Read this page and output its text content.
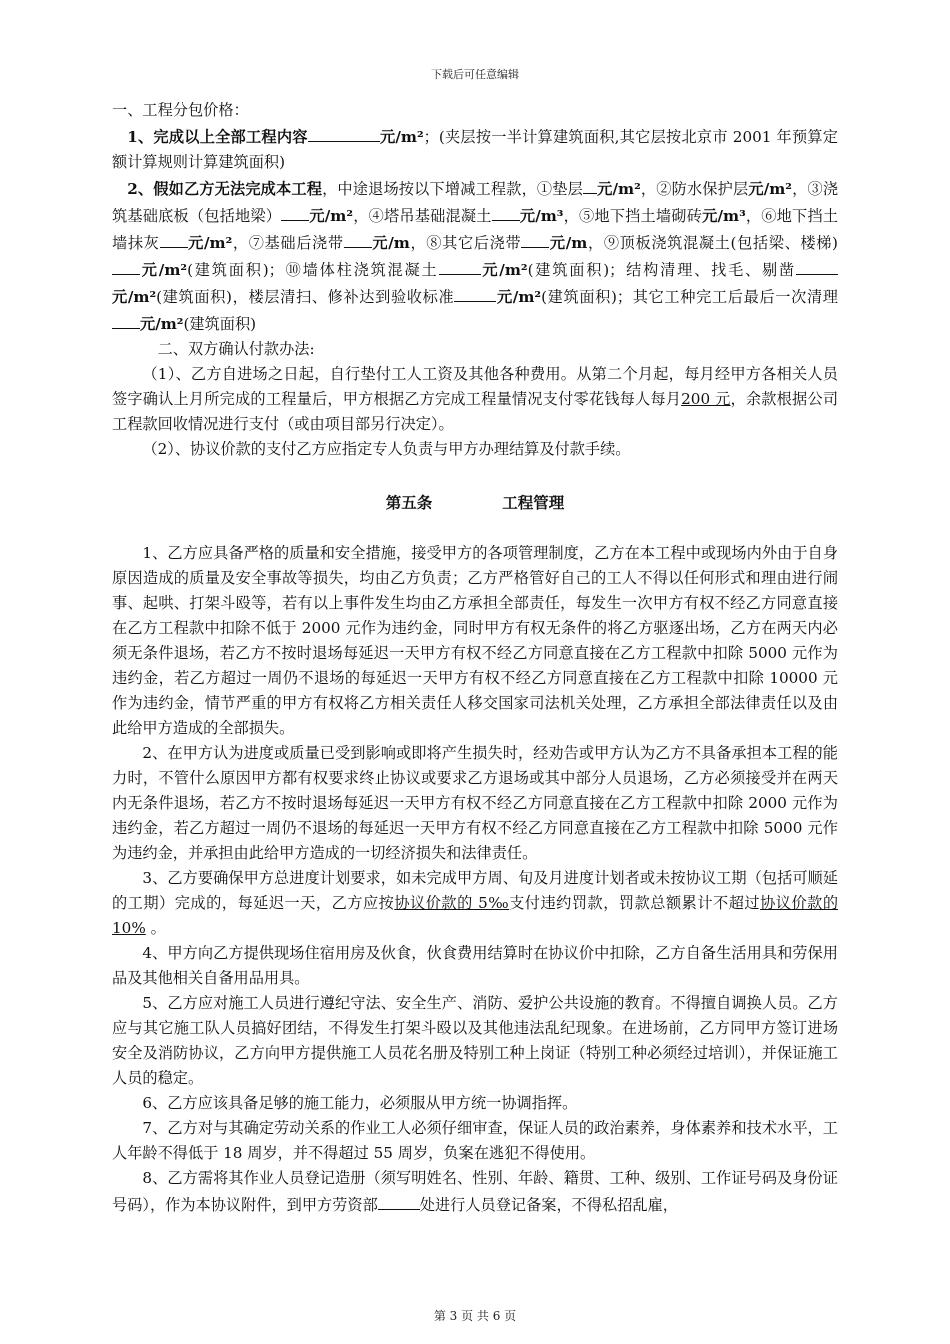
下载后可任意编辑

一、工程分包价格：

1、完成以上全部工程内容	元/m²；(夹层按一半计算建筑面积,其它层按北京市 2001 年预算定额计算规则计算建筑面积)

2、假如乙方无法完成本工程，中途退场按以下增减工程款，①垫层 元/m²，②防水保护层元/m²，③浇筑基础底板（包括地梁） 元/m²，④塔吊基础混凝土 元/m³，⑤地下挡土墙砌砖元/m³，⑥地下挡土墙抹灰 元/m²，⑦基础后浇带 元/m，⑧其它后浇带 元/m，⑨顶板浇筑混凝土(包括梁、楼梯)元/m²(建筑面积)；⑩墙体柱浇筑混凝土	元/m²(建筑面积)；结构清理、找毛、剔凿元/m²(建筑面积)，楼层清扫、修补达到验收标准	元/m²(建筑面积)；其它工种完工后最后一次清理元/m²(建筑面积)

二、双方确认付款办法:

（1）、乙方自进场之日起，自行垫付工人工资及其他各种费用。从第二个月起，每月经甲方各相关人员签字确认上月所完成的工程量后，甲方根据乙方完成工程量情况支付零花钱每人每月200 元，余款根据公司工程款回收情况进行支付（或由项目部另行决定）。

（2）、协议价款的支付乙方应指定专人负责与甲方办理结算及付款手续。

第五条	工程管理

1、乙方应具备严格的质量和安全措施，接受甲方的各项管理制度，乙方在本工程中或现场内外由于自身原因造成的质量及安全事故等损失，均由乙方负责；乙方严格管好自己的工人不得以任何形式和理由进行闹事、起哄、打架斗殴等，若有以上事件发生均由乙方承担全部责任，每发生一次甲方有权不经乙方同意直接在乙方工程款中扣除不低于 2000 元作为违约金，同时甲方有权无条件的将乙方驱逐出场，乙方在两天内必须无条件退场，若乙方不按时退场每延迟一天甲方有权不经乙方同意直接在乙方工程款中扣除 5000 元作为违约金，若乙方超过一周仍不退场的每延迟一天甲方有权不经乙方同意直接在乙方工程款中扣除 10000 元作为违约金，情节严重的甲方有权将乙方相关责任人移交国家司法机关处理，乙方承担全部法律责任以及由此给甲方造成的全部损失。

2、在甲方认为进度或质量已受到影响或即将产生损失时，经劝告或甲方认为乙方不具备承担本工程的能力时，不管什么原因甲方都有权要求终止协议或要求乙方退场或其中部分人员退场，乙方必须接受并在两天内无条件退场，若乙方不按时退场每延迟一天甲方有权不经乙方同意直接在乙方工程款中扣除 2000 元作为违约金，若乙方超过一周仍不退场的每延迟一天甲方有权不经乙方同意直接在乙方工程款中扣除 5000 元作为违约金，并承担由此给甲方造成的一切经济损失和法律责任。

3、乙方要确保甲方总进度计划要求，如未完成甲方周、旬及月进度计划者或未按协议工期（包括可顺延的工期）完成的，每延迟一天，乙方应按协议价款的 5‰支付违约罚款，罚款总额累计不超过协议价款的 10% 。

4、甲方向乙方提供现场住宿用房及伙食，伙食费用结算时在协议价中扣除，乙方自备生活用具和劳保用品及其他相关自备用品用具。

5、乙方应对施工人员进行遵纪守法、安全生产、消防、爱护公共设施的教育。不得擅自调换人员。乙方应与其它施工队人员搞好团结，不得发生打架斗殴以及其他违法乱纪现象。在进场前，乙方同甲方签订进场安全及消防协议，乙方向甲方提供施工人员花名册及特别工种上岗证（特别工种必须经过培训），并保证施工人员的稳定。

6、乙方应该具备足够的施工能力，必须服从甲方统一协调指挥。

7、乙方对与其确定劳动关系的作业工人必须仔细审查，保证人员的政治素养，身体素养和技术水平，工人年龄不得低于 18 周岁，并不得超过 55 周岁，负案在逃犯不得使用。

8、乙方需将其作业人员登记造册（须写明姓名、性别、年龄、籍贯、工种、级别、工作证号码及身份证号码），作为本协议附件，到甲方劳资部	处进行人员登记备案，不得私招乱雇，

第 3 页 共 6 页
